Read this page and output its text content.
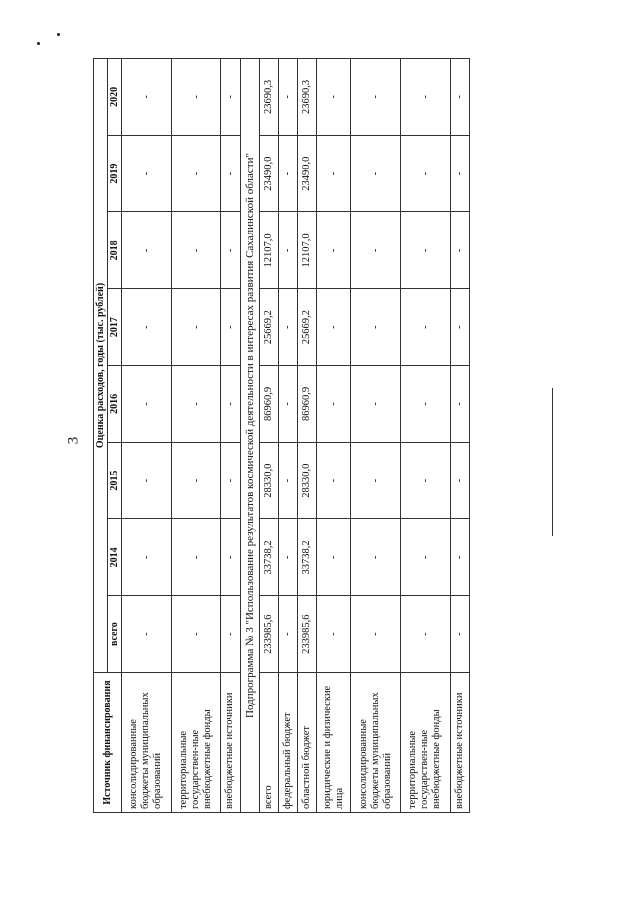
3
Источник финансирования	Оценка расходов, годы (тыс. рублей)							
	всего	2014	2015	2016	2017	2018	2019	2020
консолидированные бюджеты муниципальных образований	-	-	-	-	-	-	-	-
территориальные государствен-ные внебюджетные фонды	-	-	-	-	-	-	-	-
внебюджетные источники	-	-	-	-	-	-	-	-
Подпрограмма № 3 "Использование результатов космической деятельности в интересах развития Сахалинской области"								
всего	233985,6	33738,2	28330,0	86960,9	25669,2	12107,0	23490,0	23690,3
федеральный бюджет	-	-	-	-	-	-	-	-
областной бюджет	233985,6	33738,2	28330,0	86960,9	25669,2	12107,0	23490,0	23690,3
юридические и физические лица	-	-	-	-	-	-	-	-
консолидированные бюджеты муниципальных образований	-	-	-	-	-	-	-	-
территориальные государствен-ные внебюджетные фонды	-	-	-	-	-	-	-	-
внебюджетные источники	-	-	-	-	-	-	-	-
